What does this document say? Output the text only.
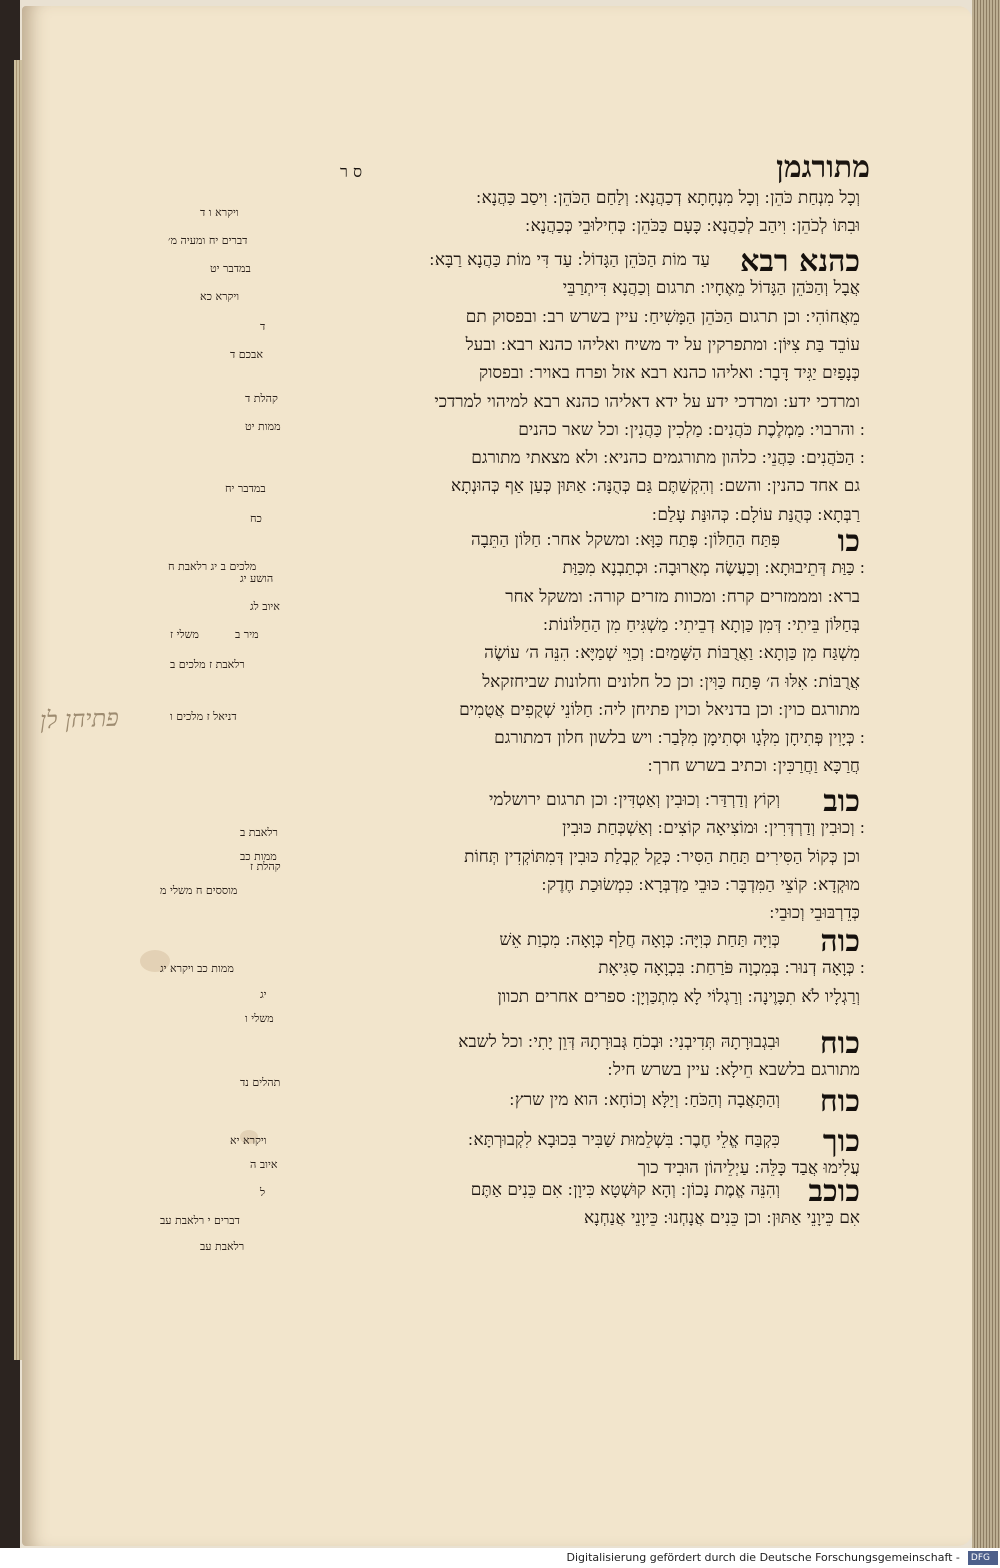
ס ר	מתורגמן
וְכָל מִנְחַת כֹּהֵן ׃ וְכָל מִנְחָתָא דְכַהֲנָא ׃ וְלַחַם הַכֹּהֵן ׃ וִיסַב כַּהֲנָא ׃
וּבִתּוֹ לְכֹהֵן ׃ וִיהַב לְכַהֲנָא ׃ כָּעָם כַּכֹּהֵן ׃ כְּחִילוּבֵי כְּכַהֲנָא ׃
כהנא רבא
עַד מוֹת הַכֹּהֵן הַגָּדוֹל ׃ עַד דִּי מוֹת כַּהֲנָא רַבָּא ׃
אֲבָל וְהַכֹּהֵן הַגָּדוֹל מֵאֶחָיו ׃ תרגום וְכַהֲנָא דִּיתְרַבֵּי
מֵאֲחוֹהִי ׃ וכן תרגום הַכֹּהֵן הַמָּשִׁיחַ ׃ עיין בשרש רב ׃ ובפסוק תם
עוֹבֵד בַּת צִיּוֹן ׃ ומתפרקין על יד משיח ואליהו כהנא רבא ׃ ובעל
כְּנָפַיִם יַגִּיד דָּבָר ׃ ואליהו כהנא רבא אזל ופרח באויר ׃ ובפסוק
ומרדכי ידע ׃ ומרדכי ידע על ידא דאליהו כהנא רבא למיהוי למרדכי
׃ והרבוי ׃ מַמְלֶכֶת כֹּהֲנִים ׃ מַלְכִין כַּהֲנִין ׃ וכל שאר כהנים
׃ הַכֹּהֲנִים ׃ כַּהֲנֵי ׃ כלהון מתורגמים כהניא ׃ ולא מצאתי מתורגם
גם אחד כהנין ׃ והשם ׃ וְהִקְשַׁתֶּם גַּם כְּהֻנָּה ׃ אַתּוּן כְּעַן אַף כְּהוּנְתָא
רַבְּתָא ׃ כְּהֻנַּת עוֹלָם ׃ כְּהוּנַּת עָלַם ׃
כו
פִּתַּח הַחַלּוֹן ׃ פְּתַח כַּוָּא ׃ ומשקל אחר ׃ חַלּוֹן הַתֵּבָה
׃ כַּוַּת דְּתֵיבוּתָא ׃ וְכַעֲשֶׂה מְאֻרוּבָה ׃ וּכְתַבְנָא מִכַּוַּת
ברא ׃ ומממזרים קרח ׃ ומכוות מזרים קורה ׃ ומשקל אחר
בְּחַלּוֹן בֵּיתִי ׃ דְּמִן כַּוְתָא דְבֵיתִי ׃ מַשְׁגִּיחַ מִן הַחַלּוֹנוֹת ׃
מִשְׁגַּח מִן כַּוְתָא ׃ וַאֲרֻבּוֹת הַשָּׁמַיִם ׃ וְכַוֵּי שְׁמַיָּא ׃ הִנֵּה ה׳ עוֹשֶׂה
אֲרֻבּוֹת ׃ אִלּוּ ה׳ פָּתַח כַּוִּין ׃ וכן כל חלונים וחלונות שביחזקאל
מתורגם כוין ׃ וכן בדניאל וכוין פתיחן ליה ׃ חַלּוֹנֵי שְׁקֻפִים אֲטֻמִים
׃ כְּיָוִין פְּתִיחָן מִלְּגָו וּסְתִימָן מִלְּבַר ׃ ויש בלשון חלון דמתורגם
חֲרַכָּא וַחֲרַכִּין ׃ וכתיב בשרש חרך ׃
כוב
וְקוֹץ וְדַרְדַּר ׃ וְכוּבִין וְאַטְדִּין ׃ וכן תרגום ירושלמי
׃ וְכוּבִין וְדַרְדְּרִין ׃ וּמוֹצִיאָה קוֹצִים ׃ וְאַשְׁכְּחַת כּוּבִין
וכן כְּקוֹל הַסִּירִים תַּחַת הַסִּיר ׃ כְּקַל קִבְלַת כּוּבִין דְּמִתּוֹקְדִין תְּחוֹת
מוּקְדָא ׃ קוֹצֵי הַמִּדְבָּר ׃ כּוּבֵי מַדְבְּרָא ׃ כִּמְשׂוּכַת חֶדֶק ׃
כְּדֵרְבּוּבֵי וְכוּבֵי ׃
כוה
כְּוִיָּה תַּחַת כְּוִיָּה ׃ כְּוָאָה חֲלַף כְּוָאָה ׃ מִכְוַת אֵשׁ
׃ כְּוָאָה דְנוּר ׃ בְּמִכְוָה פֹּרַחַת ׃ בִּכְוָאָה סַגִּיאָת
וְרַגְלָיו לֹא תִכָּוֶינָה ׃ וְרַגְלוֹי לָא מִתְכַּוְיָן ׃ ספרים אחרים תכוון
כוח
וּבִגְבוּרָתָהּ תְּדִיבְנִי ׃ וּבְכֹחַ גְּבוּרָתָהּ דְּוֵן יָתִי ׃ וכל לשבא
מתורגם בלשבא חֵילָא ׃ עיין בשרש חיל ׃
כוח
וְהַתָּאֲבָה וְהַכֹּחַ ׃ וְיַלָּא וְכוֹחָא ׃ הוא מין שרץ ׃
כוך
כִּקְבַּח אֱלֵי חֶבֶר ׃ בִּשְׁלֵמוּת שַׁבִּיר בִּכוּבָא לִקְבוּרְתָּא ׃
עֲלִימוּ אֲבַד כָּלֵּה ׃ עַיְלֵיהוֹן הוּבִיד כוך
כוכב
וְהִנֵּה אֱמֶת נָכוֹן ׃ וְהָא קוּשְׁטָא כִּיוָן ׃ אִם כֵּנִים אַתֶּם
אִם כֵּיוָנֵי אַתּוּן ׃ וכן כֵּנִים אֲנָחְנוּ ׃ כֵּיוָנֵי אֲנַחְנָא
ויקרא ו ד
דברים יח ומעיה מ׳
במדבר יט
ויקרא כא
ד
אבכם ד
קהלת ד
ממות יט
במדבר יח
כח
מלכים ב יג רלאבת ח
הושע יג
איוב לג
מיר ב
משלי ז
רלאבת ז מלכים ב
דניאל ז מלכים ו
רלאבת ב
ממות כב
קהלת ז
מוססים ח משלי מ
ממות כב ויקרא יג
יג
משלי ו
תהלים נד
ויקרא יא
איוב ה
ל
דברים י רלאבת עב
רלאבת עב
פתיחן לן
Digitalisierung gefördert durch die Deutsche Forschungsgemeinschaft - DFG
